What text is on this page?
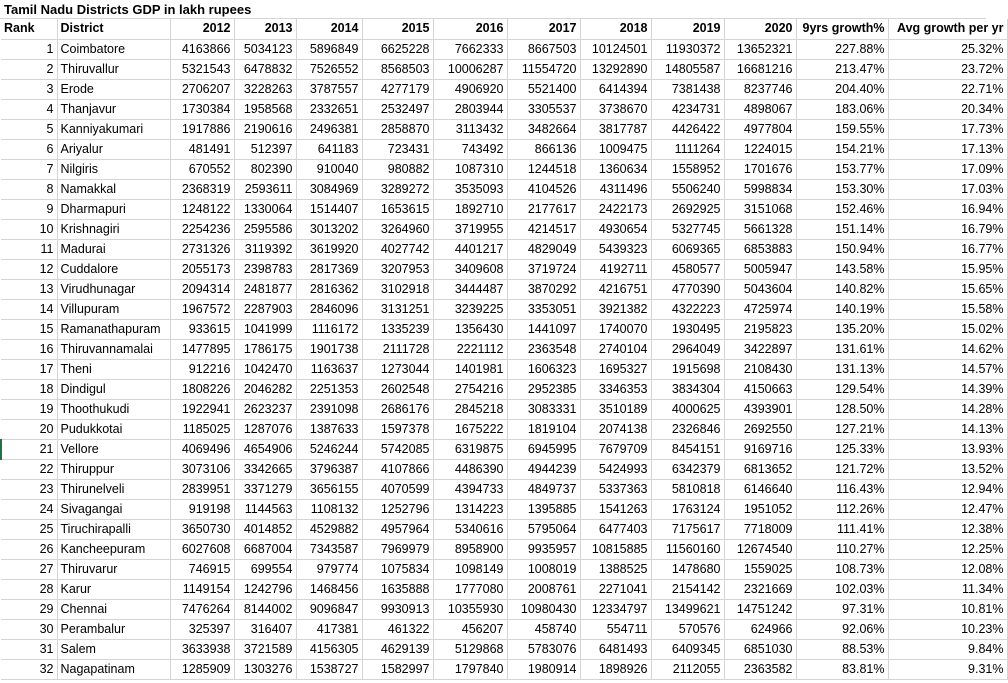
Tamil Nadu Districts GDP in lakh rupees
Rank	District	2012	2013	2014	2015	2016	2017	2018	2019	2020	9yrs growth%	Avg growth per yr
1	Coimbatore	4163866	5034123	5896849	6625228	7662333	8667503	10124501	11930372	13652321	227.88%	25.32%
2	Thiruvallur	5321543	6478832	7526552	8568503	10006287	11554720	13292890	14805587	16681216	213.47%	23.72%
3	Erode	2706207	3228263	3787557	4277179	4906920	5521400	6414394	7381438	8237746	204.40%	22.71%
4	Thanjavur	1730384	1958568	2332651	2532497	2803944	3305537	3738670	4234731	4898067	183.06%	20.34%
5	Kanniyakumari	1917886	2190616	2496381	2858870	3113432	3482664	3817787	4426422	4977804	159.55%	17.73%
6	Ariyalur	481491	512397	641183	723431	743492	866136	1009475	1111264	1224015	154.21%	17.13%
7	Nilgiris	670552	802390	910040	980882	1087310	1244518	1360634	1558952	1701676	153.77%	17.09%
8	Namakkal	2368319	2593611	3084969	3289272	3535093	4104526	4311496	5506240	5998834	153.30%	17.03%
9	Dharmapuri	1248122	1330064	1514407	1653615	1892710	2177617	2422173	2692925	3151068	152.46%	16.94%
10	Krishnagiri	2254236	2595586	3013202	3264960	3719955	4214517	4930654	5327745	5661328	151.14%	16.79%
11	Madurai	2731326	3119392	3619920	4027742	4401217	4829049	5439323	6069365	6853883	150.94%	16.77%
12	Cuddalore	2055173	2398783	2817369	3207953	3409608	3719724	4192711	4580577	5005947	143.58%	15.95%
13	Virudhunagar	2094314	2481877	2816362	3102918	3444487	3870292	4216751	4770390	5043604	140.82%	15.65%
14	Villupuram	1967572	2287903	2846096	3131251	3239225	3353051	3921382	4322223	4725974	140.19%	15.58%
15	Ramanathapuram	933615	1041999	1116172	1335239	1356430	1441097	1740070	1930495	2195823	135.20%	15.02%
16	Thiruvannamalai	1477895	1786175	1901738	2111728	2221112	2363548	2740104	2964049	3422897	131.61%	14.62%
17	Theni	912216	1042470	1163637	1273044	1401981	1606323	1695327	1915698	2108430	131.13%	14.57%
18	Dindigul	1808226	2046282	2251353	2602548	2754216	2952385	3346353	3834304	4150663	129.54%	14.39%
19	Thoothukudi	1922941	2623237	2391098	2686176	2845218	3083331	3510189	4000625	4393901	128.50%	14.28%
20	Pudukkotai	1185025	1287076	1387633	1597378	1675222	1819104	2074138	2326846	2692550	127.21%	14.13%
21	Vellore	4069496	4654906	5246244	5742085	6319875	6945995	7679709	8454151	9169716	125.33%	13.93%
22	Thiruppur	3073106	3342665	3796387	4107866	4486390	4944239	5424993	6342379	6813652	121.72%	13.52%
23	Thirunelveli	2839951	3371279	3656155	4070599	4394733	4849737	5337363	5810818	6146640	116.43%	12.94%
24	Sivagangai	919198	1144563	1108132	1252796	1314223	1395885	1541263	1763124	1951052	112.26%	12.47%
25	Tiruchirapalli	3650730	4014852	4529882	4957964	5340616	5795064	6477403	7175617	7718009	111.41%	12.38%
26	Kancheepuram	6027608	6687004	7343587	7969979	8958900	9935957	10815885	11560160	12674540	110.27%	12.25%
27	Thiruvarur	746915	699554	979774	1075834	1098149	1008019	1388525	1478680	1559025	108.73%	12.08%
28	Karur	1149154	1242796	1468456	1635888	1777080	2008761	2271041	2154142	2321669	102.03%	11.34%
29	Chennai	7476264	8144002	9096847	9930913	10355930	10980430	12334797	13499621	14751242	97.31%	10.81%
30	Perambalur	325397	316407	417381	461322	456207	458740	554711	570576	624966	92.06%	10.23%
31	Salem	3633938	3721589	4156305	4629139	5129868	5783076	6481493	6409345	6851030	88.53%	9.84%
32	Nagapatinam	1285909	1303276	1538727	1582997	1797840	1980914	1898926	2112055	2363582	83.81%	9.31%
